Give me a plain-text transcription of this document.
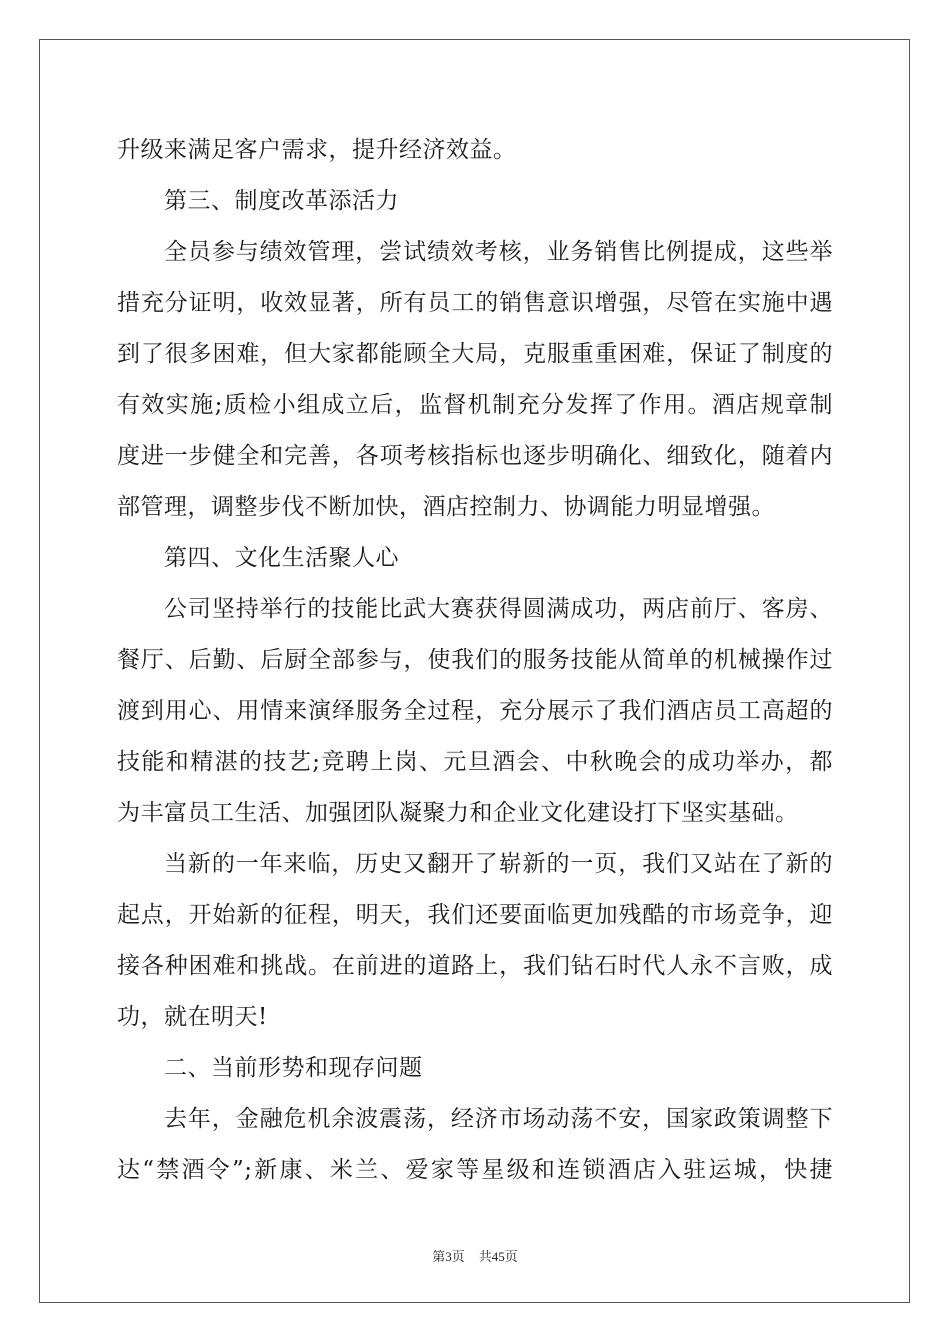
升级来满足客户需求，提升经济效益。
第三、制度改革添活力
全员参与绩效管理，尝试绩效考核，业务销售比例提成，这些举
措充分证明，收效显著，所有员工的销售意识增强，尽管在实施中遇
到了很多困难，但大家都能顾全大局，克服重重困难，保证了制度的
有效实施;质检小组成立后，监督机制充分发挥了作用。酒店规章制
度进一步健全和完善，各项考核指标也逐步明确化、细致化，随着内
部管理，调整步伐不断加快，酒店控制力、协调能力明显增强。
第四、文化生活聚人心
公司坚持举行的技能比武大赛获得圆满成功，两店前厅、客房、
餐厅、后勤、后厨全部参与，使我们的服务技能从简单的机械操作过
渡到用心、用情来演绎服务全过程，充分展示了我们酒店员工高超的
技能和精湛的技艺;竞聘上岗、元旦酒会、中秋晚会的成功举办，都
为丰富员工生活、加强团队凝聚力和企业文化建设打下坚实基础。
当新的一年来临，历史又翻开了崭新的一页，我们又站在了新的
起点，开始新的征程，明天，我们还要面临更加残酷的市场竞争，迎
接各种困难和挑战。在前进的道路上，我们钻石时代人永不言败，成
功，就在明天!
二、当前形势和现存问题
去年，金融危机余波震荡，经济市场动荡不安，国家政策调整下
达“禁酒令”;新康、米兰、爱家等星级和连锁酒店入驻运城，快捷
第3页 共45页
